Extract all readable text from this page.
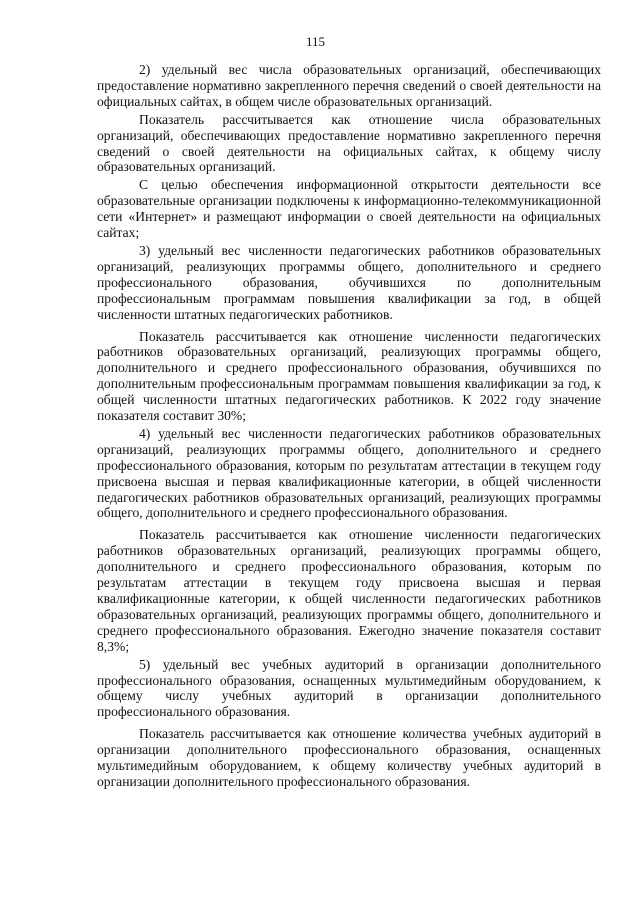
115

2) удельный вес числа образовательных организаций, обеспечивающих предоставление нормативно закрепленного перечня сведений о своей деятельности на официальных сайтах, в общем числе образовательных организаций.

Показатель рассчитывается как отношение числа образовательных организаций, обеспечивающих предоставление нормативно закрепленного перечня сведений о своей деятельности на официальных сайтах, к общему числу образовательных организаций.

С целью обеспечения информационной открытости деятельности все образовательные организации подключены к информационно-телекоммуникационной сети «Интернет» и размещают информации о своей деятельности на официальных сайтах;

3) удельный вес численности педагогических работников образовательных организаций, реализующих программы общего, дополнительного и среднего профессионального образования, обучившихся по дополнительным профессиональным программам повышения квалификации за год, в общей численности штатных педагогических работников.

Показатель рассчитывается как отношение численности педагогических работников образовательных организаций, реализующих программы общего, дополнительного и среднего профессионального образования, обучившихся по дополнительным профессиональным программам повышения квалификации за год, к общей численности штатных педагогических работников. К 2022 году значение показателя составит 30%;

4) удельный вес численности педагогических работников образовательных организаций, реализующих программы общего, дополнительного и среднего профессионального образования, которым по результатам аттестации в текущем году присвоена высшая и первая квалификационные категории, в общей численности педагогических работников образовательных организаций, реализующих программы общего, дополнительного и среднего профессионального образования.

Показатель рассчитывается как отношение численности педагогических работников образовательных организаций, реализующих программы общего, дополнительного и среднего профессионального образования, которым по результатам аттестации в текущем году присвоена высшая и первая квалификационные категории, к общей численности педагогических работников образовательных организаций, реализующих программы общего, дополнительного и среднего профессионального образования. Ежегодно значение показателя составит 8,3%;

5) удельный вес учебных аудиторий в организации дополнительного профессионального образования, оснащенных мультимедийным оборудованием, к общему числу учебных аудиторий в организации дополнительного профессионального образования.

Показатель рассчитывается как отношение количества учебных аудиторий в организации дополнительного профессионального образования, оснащенных мультимедийным оборудованием, к общему количеству учебных аудиторий в организации дополнительного профессионального образования.
